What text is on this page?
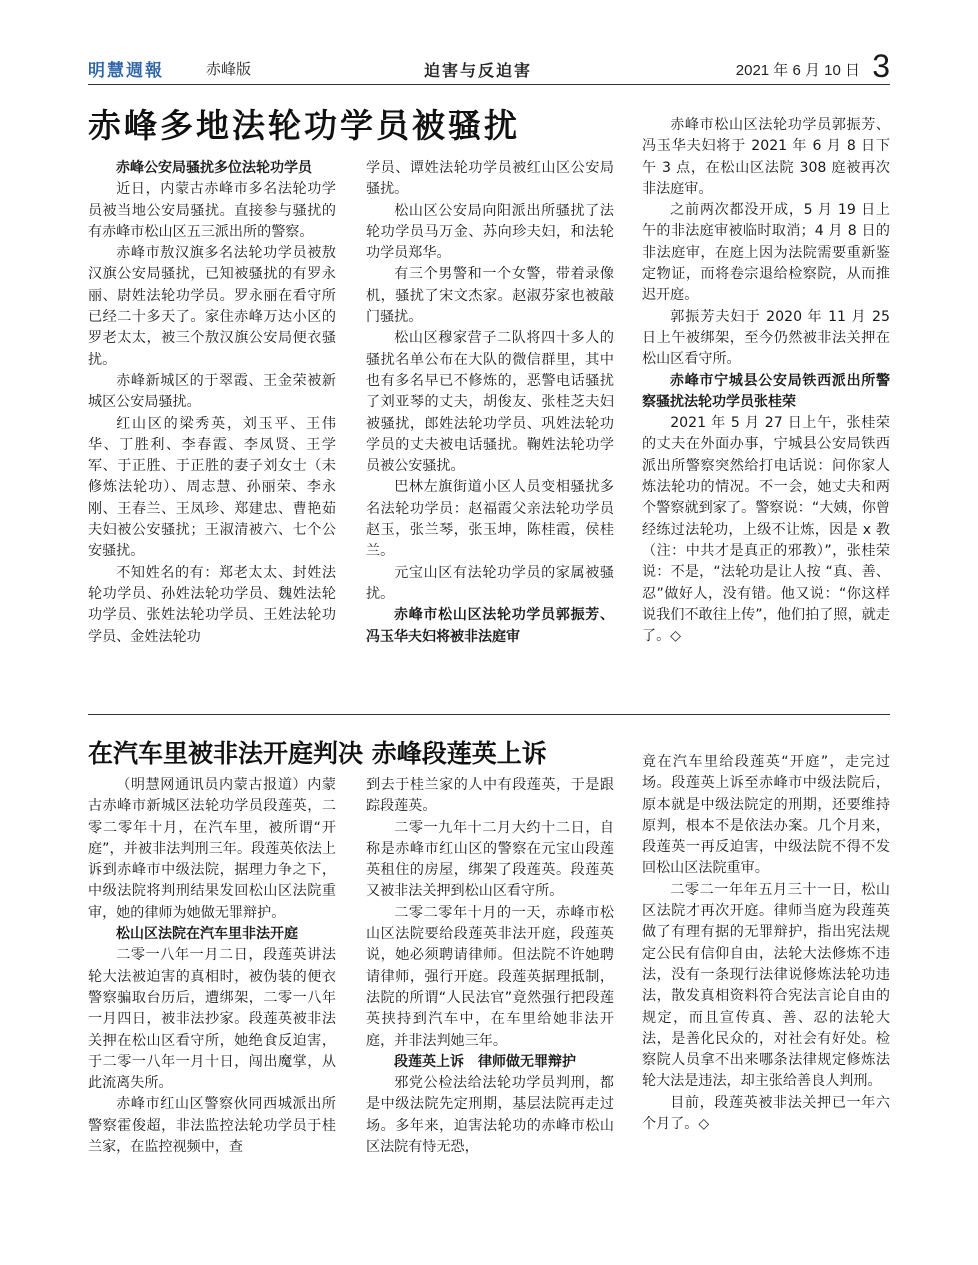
明慧週報	赤峰版	迫害与反迫害	2021 年 6 月 10 日 3
赤峰多地法轮功学员被骚扰

赤峰公安局骚扰多位法轮功学员

近日，内蒙古赤峰市多名法轮功学员被当地公安局骚扰。直接参与骚扰的有赤峰市松山区五三派出所的警察。

赤峰市敖汉旗多名法轮功学员被敖汉旗公安局骚扰，已知被骚扰的有罗永丽、尉姓法轮功学员。罗永丽在看守所已经二十多天了。家住赤峰万达小区的罗老太太，被三个敖汉旗公安局便衣骚扰。

赤峰新城区的于翠霞、王金荣被新城区公安局骚扰。

红山区的梁秀英，刘玉平、王伟华、丁胜利、李春霞、李凤贤、王学军、于正胜、于正胜的妻子刘女士（未修炼法轮功）、周志慧、孙丽荣、李永刚、王春兰、王凤珍、郑建忠、曹艳茹夫妇被公安骚扰；王淑清被六、七个公安骚扰。

不知姓名的有：郑老太太、封姓法轮功学员、孙姓法轮功学员、魏姓法轮功学员、张姓法轮功学员、王姓法轮功学员、金姓法轮功

学员、谭姓法轮功学员被红山区公安局骚扰。

松山区公安局向阳派出所骚扰了法轮功学员马万金、苏向珍夫妇，和法轮功学员郑华。

有三个男警和一个女警，带着录像机，骚扰了宋文杰家。赵淑芬家也被敲门骚扰。

松山区穆家营子二队将四十多人的骚扰名单公布在大队的微信群里，其中也有多名早已不修炼的，恶警电话骚扰了刘亚琴的丈夫，胡俊友、张桂芝夫妇被骚扰，郎姓法轮功学员、巩姓法轮功学员的丈夫被电话骚扰。鞠姓法轮功学员被公安骚扰。

巴林左旗街道小区人员变相骚扰多名法轮功学员：赵福霞父亲法轮功学员赵玉，张兰琴，张玉坤，陈桂霞，侯桂兰。

元宝山区有法轮功学员的家属被骚扰。

赤峰市松山区法轮功学员郭振芳、冯玉华夫妇将被非法庭审

赤峰市松山区法轮功学员郭振芳、冯玉华夫妇将于 2021 年 6 月 8 日下午 3 点，在松山区法院 308 庭被再次非法庭审。

之前两次都没开成，5 月 19 日上午的非法庭审被临时取消；4 月 8 日的非法庭审，在庭上因为法院需要重新鉴定物证，而将卷宗退给检察院，从而推迟开庭。

郭振芳夫妇于 2020 年 11 月 25 日上午被绑架，至今仍然被非法关押在松山区看守所。

赤峰市宁城县公安局铁西派出所警察骚扰法轮功学员张桂荣

2021 年 5 月 27 日上午，张桂荣的丈夫在外面办事，宁城县公安局铁西派出所警察突然给打电话说：问你家人炼法轮功的情况。不一会，她丈夫和两个警察就到家了。警察说：“大姨，你曾经练过法轮功，上级不让炼，因是 x 教（注：中共才是真正的邪教）”，张桂荣说：不是，“法轮功是让人按 “真、善、忍”做好人，没有错。他又说：“你这样说我们不敢往上传”，他们拍了照，就走了。◇

在汽车里被非法开庭判决 赤峰段莲英上诉

（明慧网通讯员内蒙古报道）内蒙古赤峰市新城区法轮功学员段莲英，二零二零年十月，在汽车里，被所谓“开庭”，并被非法判刑三年。段莲英依法上诉到赤峰市中级法院，据理力争之下，中级法院将判刑结果发回松山区法院重审，她的律师为她做无罪辩护。

松山区法院在汽车里非法开庭

二零一八年一月二日，段莲英讲法轮大法被迫害的真相时，被伪装的便衣警察骗取台历后，遭绑架，二零一八年一月四日，被非法抄家。段莲英被非法关押在松山区看守所，她绝食反迫害，于二零一八年一月十日，闯出魔掌，从此流离失所。

赤峰市红山区警察伙同西城派出所警察霍俊超，非法监控法轮功学员于桂兰家，在监控视频中，查

到去于桂兰家的人中有段莲英，于是跟踪段莲英。

二零一九年十二月大约十二日，自称是赤峰市红山区的警察在元宝山段莲英租住的房屋，绑架了段莲英。段莲英又被非法关押到松山区看守所。

二零二零年十月的一天，赤峰市松山区法院要给段莲英非法开庭，段莲英说，她必须聘请律师。但法院不许她聘请律师，强行开庭。段莲英据理抵制，法院的所谓“人民法官”竟然强行把段莲英挟持到汽车中，在车里给她非法开庭，并非法判她三年。

段莲英上诉　律师做无罪辩护

邪党公检法给法轮功学员判刑，都是中级法院先定刑期，基层法院再走过场。多年来，迫害法轮功的赤峰市松山区法院有恃无恐，

竟在汽车里给段莲英“开庭”，走完过场。段莲英上诉至赤峰市中级法院后，原本就是中级法院定的刑期，还要维持原判，根本不是依法办案。几个月来，段莲英一再反迫害，中级法院不得不发回松山区法院重审。

二零二一年年五月三十一日，松山区法院才再次开庭。律师当庭为段莲英做了有理有据的无罪辩护，指出宪法规定公民有信仰自由，法轮大法修炼不违法，没有一条现行法律说修炼法轮功违法，散发真相资料符合宪法言论自由的规定，而且宣传真、善、忍的法轮大法，是善化民众的，对社会有好处。检察院人员拿不出来哪条法律规定修炼法轮大法是违法，却主张给善良人判刑。

目前，段莲英被非法关押已一年六个月了。◇
